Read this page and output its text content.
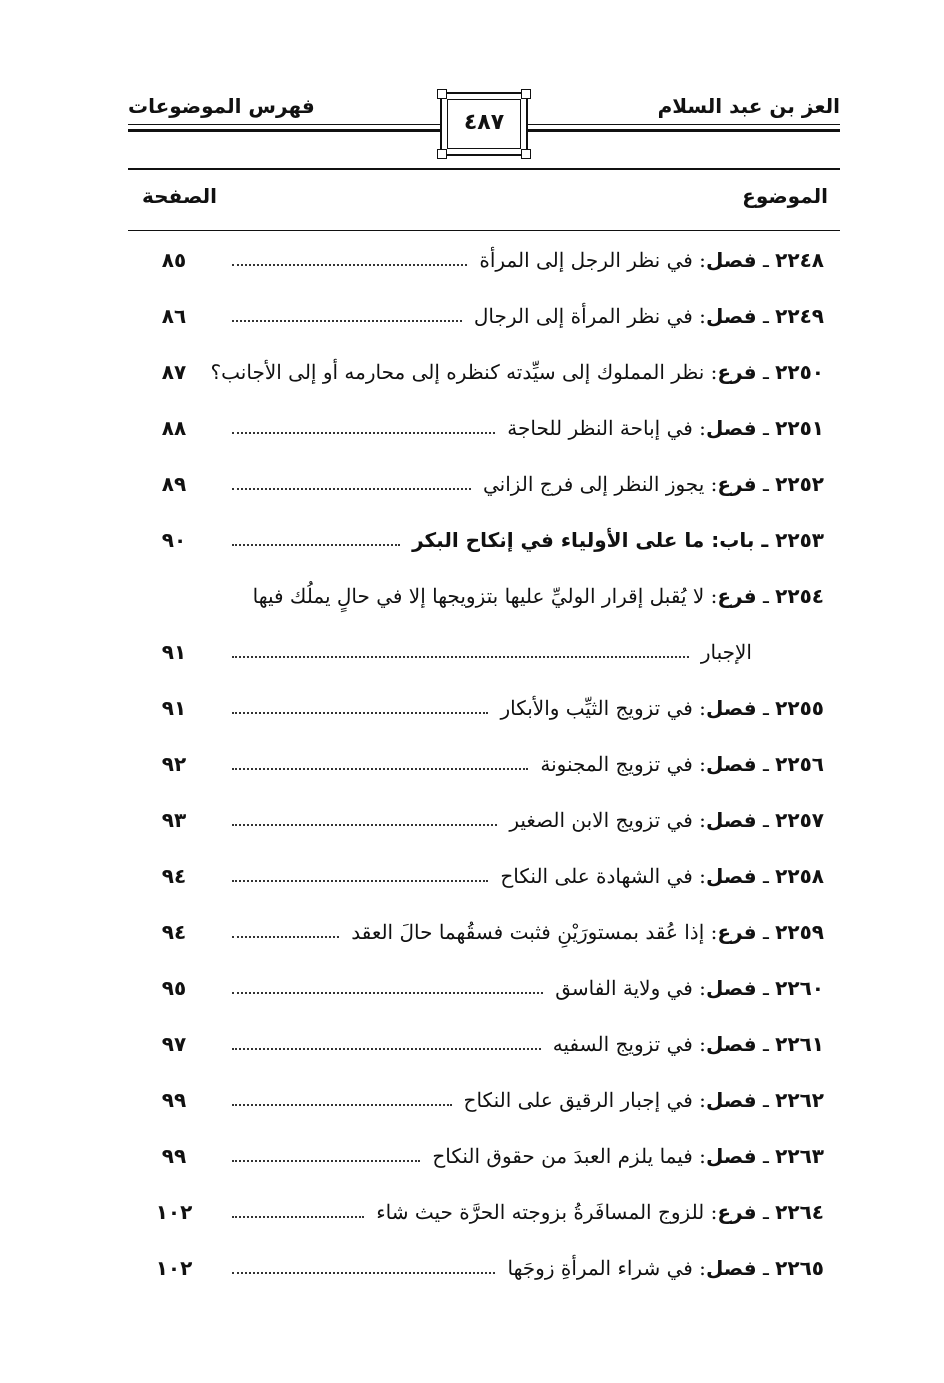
العز بن عبد السلام
فهرس الموضوعات
٤٨٧
الموضوع
الصفحة
٢٢٤٨ ـ فصل: في نظر الرجل إلى المرأة
٨٥
٢٢٤٩ ـ فصل: في نظر المرأة إلى الرجال
٨٦
٢٢٥٠ ـ فرع: نظر المملوك إلى سيِّدته كنظره إلى محارمه أو إلى الأجانب؟
٨٧
٢٢٥١ ـ فصل: في إباحة النظر للحاجة
٨٨
٢٢٥٢ ـ فرع: يجوز النظر إلى فرج الزاني
٨٩
٢٢٥٣ ـ باب: ما على الأولياء في إنكاح البكر
٩٠
٢٢٥٤ ـ فرع: لا يُقبل إقرار الوليِّ عليها بتزويجها إلا في حالٍ يملُك فيها
الإجبار
٩١
٢٢٥٥ ـ فصل: في تزويج الثيِّب والأبكار
٩١
٢٢٥٦ ـ فصل: في تزويج المجنونة
٩٢
٢٢٥٧ ـ فصل: في تزويج الابن الصغير
٩٣
٢٢٥٨ ـ فصل: في الشهادة على النكاح
٩٤
٢٢٥٩ ـ فرع: إذا عُقد بمستورَيْنِ فثبت فسقُهما حالَ العقد
٩٤
٢٢٦٠ ـ فصل: في ولاية الفاسق
٩٥
٢٢٦١ ـ فصل: في تزويج السفيه
٩٧
٢٢٦٢ ـ فصل: في إجبار الرقيق على النكاح
٩٩
٢٢٦٣ ـ فصل: فيما يلزم العبدَ من حقوق النكاح
٩٩
٢٢٦٤ ـ فرع: للزوج المسافَرةُ بزوجته الحرَّة حيث شاء
١٠٢
٢٢٦٥ ـ فصل: في شراء المرأةِ زوجَها
١٠٢
